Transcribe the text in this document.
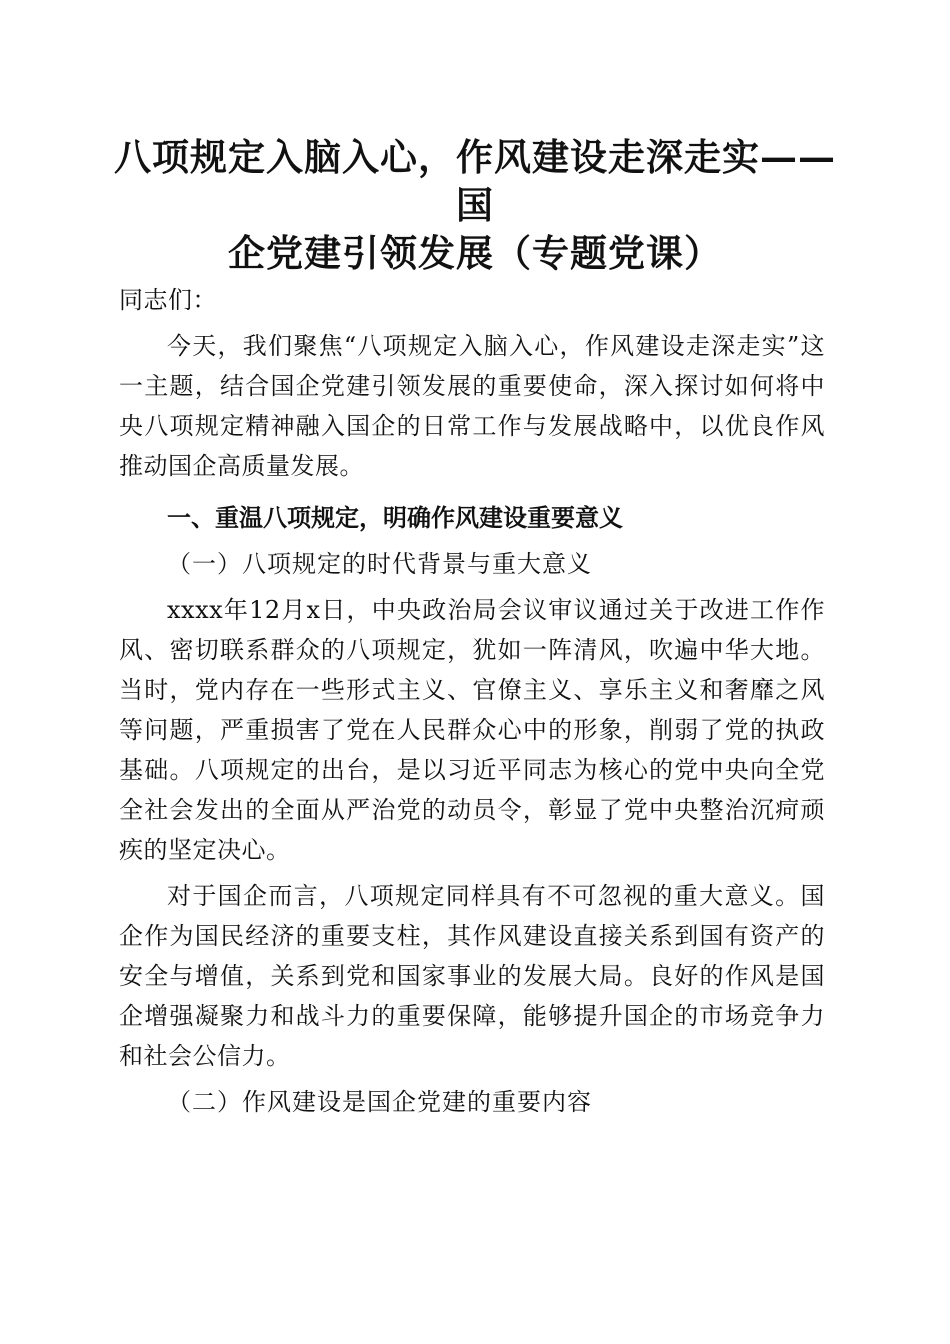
八项规定入脑入心，作风建设走深走实——国
企党建引领发展（专题党课）

同志们：

今天，我们聚焦“八项规定入脑入心，作风建设走深走实”这一主题，结合国企党建引领发展的重要使命，深入探讨如何将中央八项规定精神融入国企的日常工作与发展战略中，以优良作风推动国企高质量发展。

一、重温八项规定，明确作风建设重要意义

（一）八项规定的时代背景与重大意义

xxxx年12月x日，中央政治局会议审议通过关于改进工作作风、密切联系群众的八项规定，犹如一阵清风，吹遍中华大地。当时，党内存在一些形式主义、官僚主义、享乐主义和奢靡之风等问题，严重损害了党在人民群众心中的形象，削弱了党的执政基础。八项规定的出台，是以习近平同志为核心的党中央向全党全社会发出的全面从严治党的动员令，彰显了党中央整治沉疴顽疾的坚定决心。

对于国企而言，八项规定同样具有不可忽视的重大意义。国企作为国民经济的重要支柱，其作风建设直接关系到国有资产的安全与增值，关系到党和国家事业的发展大局。良好的作风是国企增强凝聚力和战斗力的重要保障，能够提升国企的市场竞争力和社会公信力。

（二）作风建设是国企党建的重要内容
